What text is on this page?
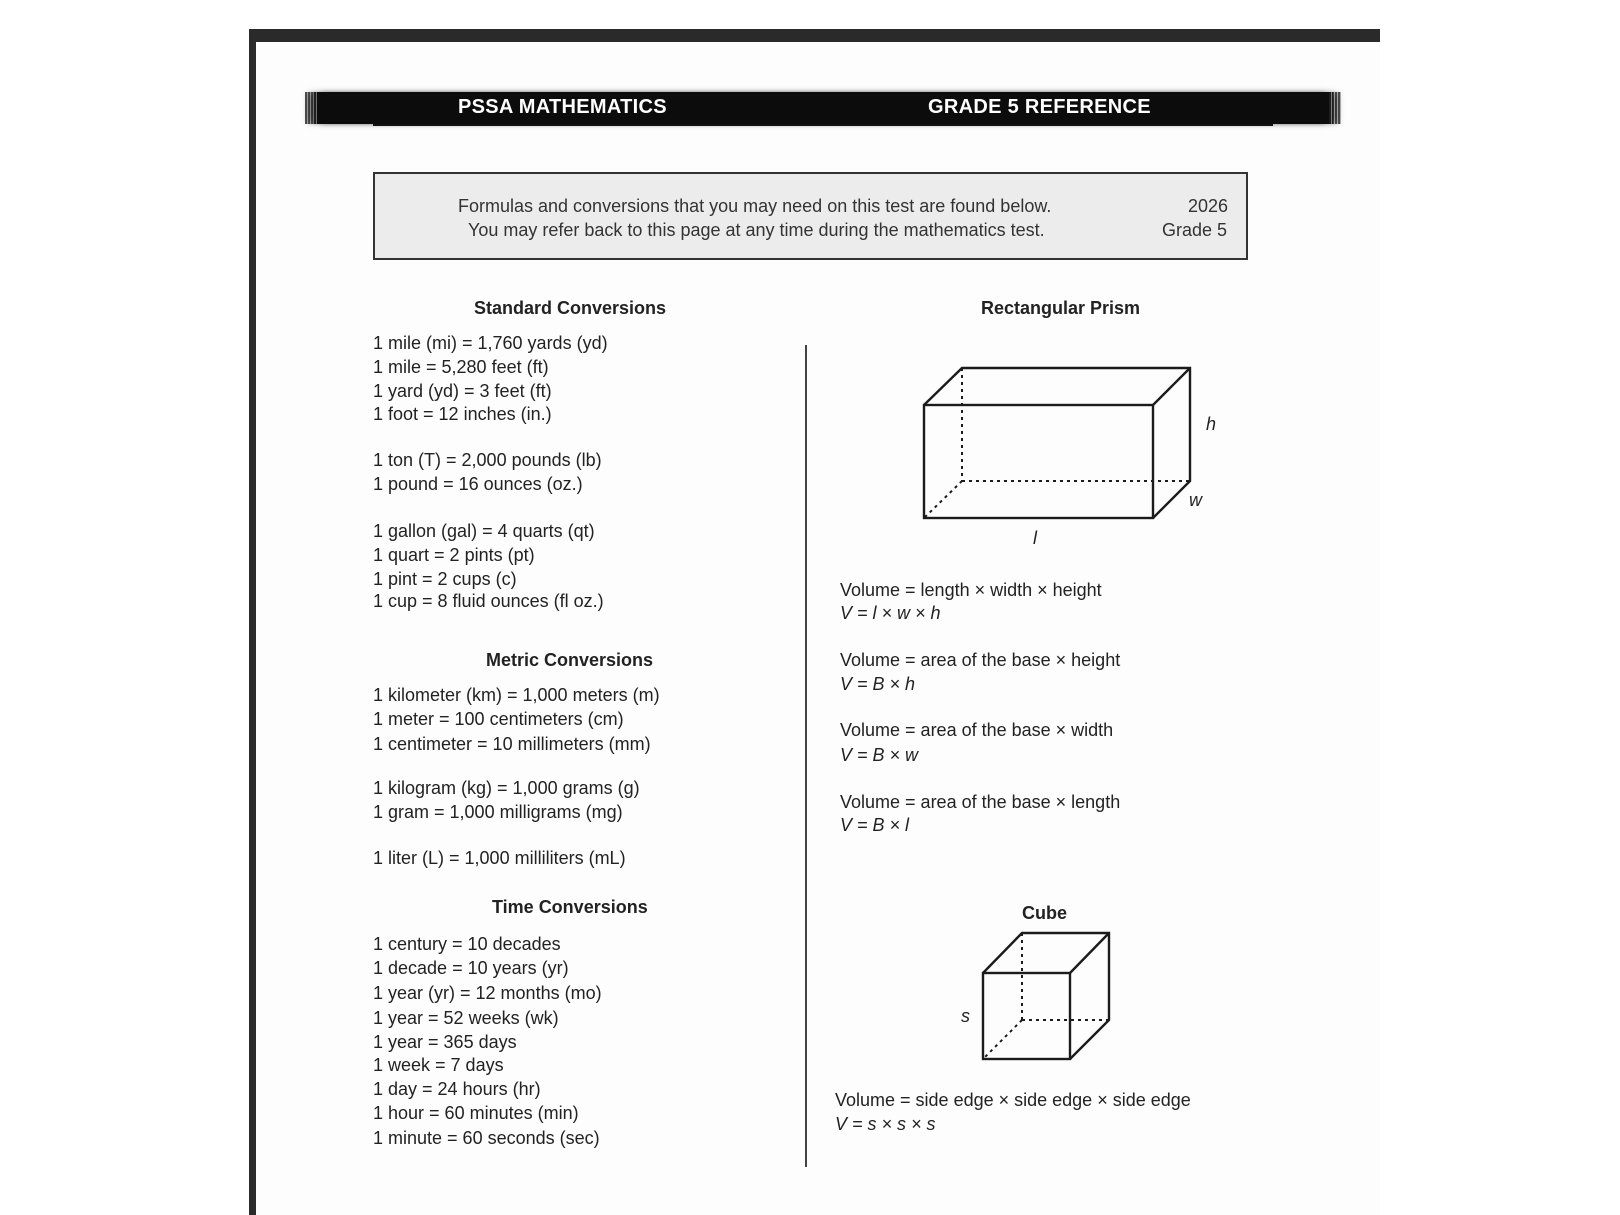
PSSA MATHEMATICS	GRADE 5 REFERENCE
Formulas and conversions that you may need on this test are found below.
You may refer back to this page at any time during the mathematics test.
2026
Grade 5
Standard Conversions
1 mile (mi) = 1,760 yards (yd)
1 mile = 5,280 feet (ft)
1 yard (yd) = 3 feet (ft)
1 foot = 12 inches (in.)
1 ton (T) = 2,000 pounds (lb)
1 pound = 16 ounces (oz.)
1 gallon (gal) = 4 quarts (qt)
1 quart = 2 pints (pt)
1 pint = 2 cups (c)
1 cup = 8 fluid ounces (fl oz.)
Metric Conversions
1 kilometer (km) = 1,000 meters (m)
1 meter = 100 centimeters (cm)
1 centimeter = 10 millimeters (mm)
1 kilogram (kg) = 1,000 grams (g)
1 gram = 1,000 milligrams (mg)
1 liter (L) = 1,000 milliliters (mL)
Time Conversions
1 century = 10 decades
1 decade = 10 years (yr)
1 year (yr) = 12 months (mo)
1 year = 52 weeks (wk)
1 year = 365 days
1 week = 7 days
1 day = 24 hours (hr)
1 hour = 60 minutes (min)
1 minute = 60 seconds (sec)
Rectangular Prism
h
w
l
Volume = length × width × height
V = l × w × h
Volume = area of the base × height
V = B × h
Volume = area of the base × width
V = B × w
Volume = area of the base × length
V = B × l
Cube
s
Volume = side edge × side edge × side edge
V = s × s × s
